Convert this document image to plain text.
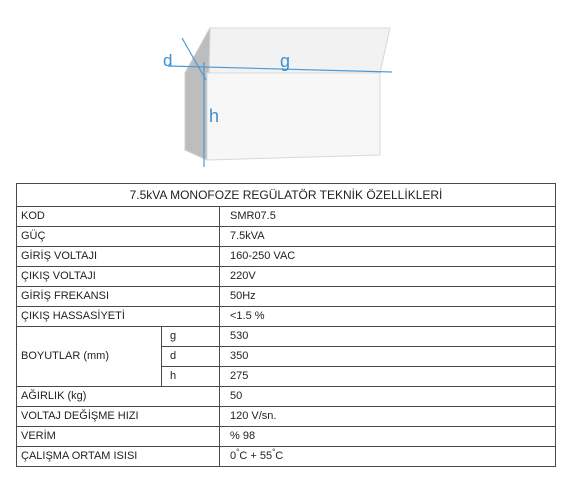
d	g
h
7.5kVA MONOFOZE REGÜLATÖR TEKNİK ÖZELLİKLERİ		
KOD		SMR07.5
GÜÇ		7.5kVA
GİRİŞ VOLTAJI		160-250 VAC
ÇIKIŞ VOLTAJI		220V
GİRİŞ FREKANSI		50Hz
ÇIKIŞ HASSASİYETİ		<1.5 %
BOYUTLAR (mm)	g	530
	d	350
	h	275
AĞIRLIK (kg)		50
VOLTAJ DEĞİŞME HIZI		120 V/sn.
VERİM		% 98
ÇALIŞMA ORTAM ISISI		0°C + 55°C
